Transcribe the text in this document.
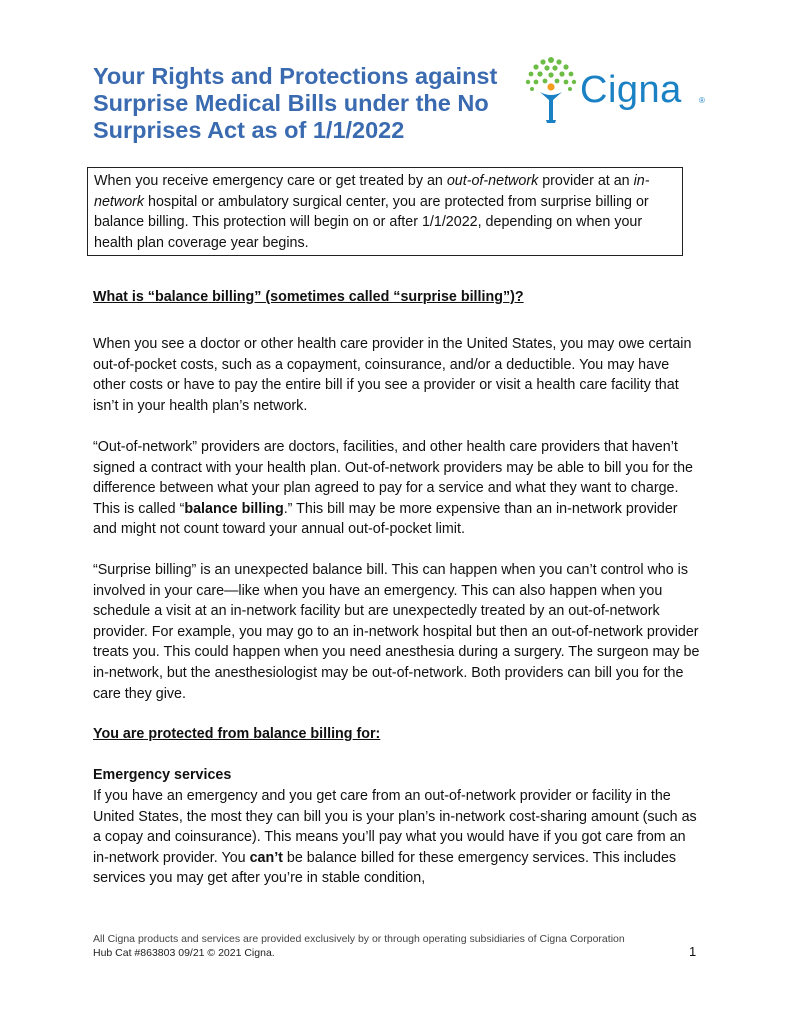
Your Rights and Protections against
Surprise Medical Bills under the No
Surprises Act as of 1/1/2022
Cigna ®
When you receive emergency care or get treated by an out-of-network provider at an in-network hospital or ambulatory surgical center, you are protected from surprise billing or balance billing. This protection will begin on or after 1/1/2022, depending on when your health plan coverage year begins.
What is “balance billing” (sometimes called “surprise billing”)?

When you see a doctor or other health care provider in the United States, you may owe certain out-of-pocket costs, such as a copayment, coinsurance, and/or a deductible. You may have other costs or have to pay the entire bill if you see a provider or visit a health care facility that isn’t in your health plan’s network.

“Out-of-network” providers are doctors, facilities, and other health care providers that haven’t signed a contract with your health plan. Out-of-network providers may be able to bill you for the difference between what your plan agreed to pay for a service and what they want to charge. This is called “balance billing.” This bill may be more expensive than an in-network provider and might not count toward your annual out-of-pocket limit.

“Surprise billing” is an unexpected balance bill. This can happen when you can’t control who is involved in your care—like when you have an emergency. This can also happen when you schedule a visit at an in-network facility but are unexpectedly treated by an out-of-network provider. For example, you may go to an in-network hospital but then an out-of-network provider treats you. This could happen when you need anesthesia during a surgery. The surgeon may be in-network, but the anesthesiologist may be out-of-network. Both providers can bill you for the care they give.

You are protected from balance billing for:
Emergency services

If you have an emergency and you get care from an out-of-network provider or facility in the United States, the most they can bill you is your plan’s in-network cost-sharing amount (such as a copay and coinsurance). This means you’ll pay what you would have if you got care from an in-network provider. You can’t be balance billed for these emergency services. This includes services you may get after you’re in stable condition,

All Cigna products and services are provided exclusively by or through operating subsidiaries of Cigna Corporation
Hub Cat #863803 09/21 © 2021 Cigna.	1
